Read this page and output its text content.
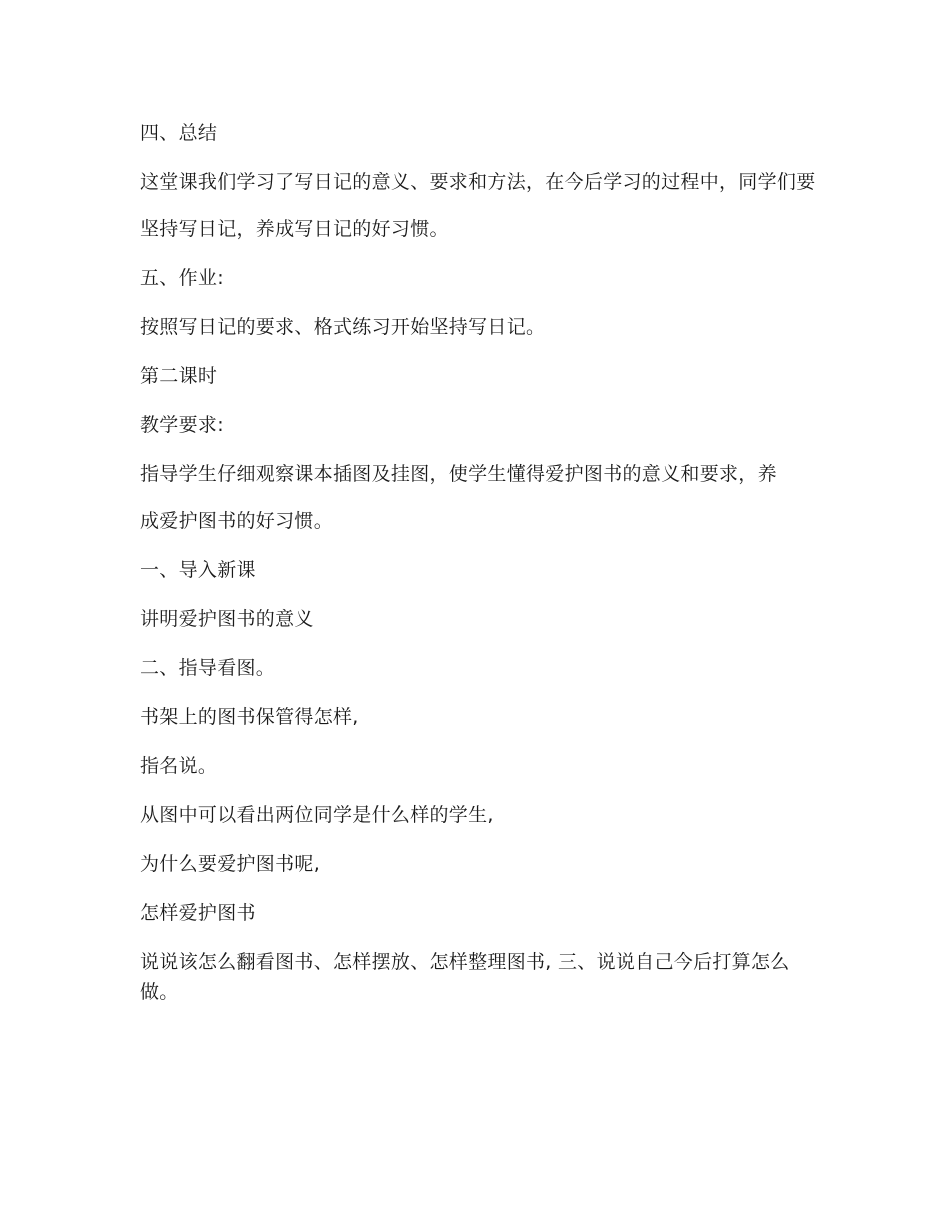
四、总结

这堂课我们学习了写日记的意义、要求和方法，在今后学习的过程中，同学们要

坚持写日记，养成写日记的好习惯。

五、作业:

按照写日记的要求、格式练习开始坚持写日记。

第二课时

教学要求:

指导学生仔细观察课本插图及挂图，使学生懂得爱护图书的意义和要求，养

成爱护图书的好习惯。

一、导入新课

讲明爱护图书的意义

二、指导看图。

书架上的图书保管得怎样,

指名说。

从图中可以看出两位同学是什么样的学生,

为什么要爱护图书呢,

怎样爱护图书

说说该怎么翻看图书、怎样摆放、怎样整理图书, 三、说说自己今后打算怎么做。
